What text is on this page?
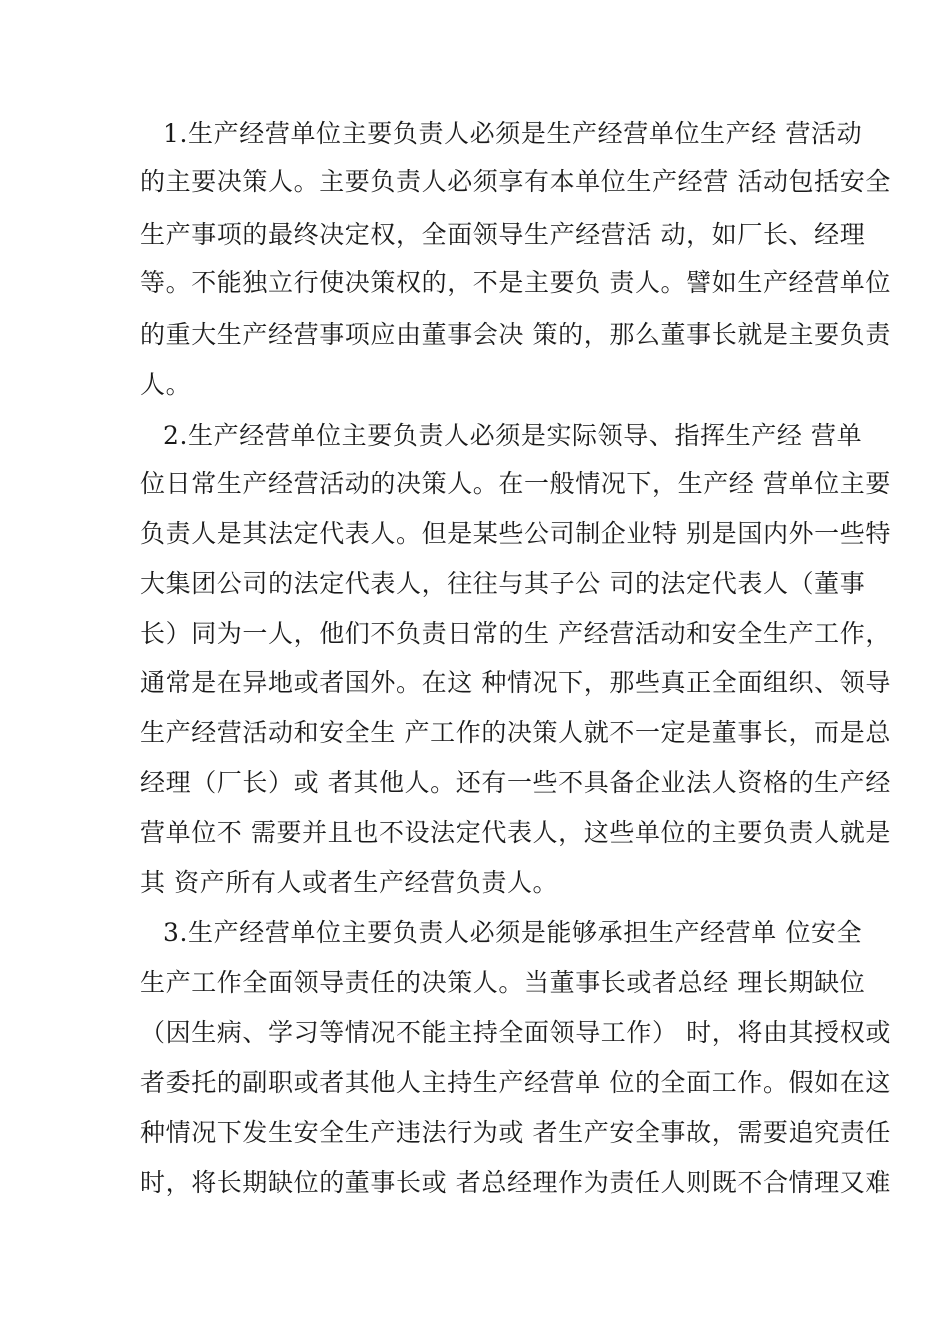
1.生产经营单位主要负责人必须是生产经营单位生产经 营活动
的主要决策人。主要负责人必须享有本单位生产经营 活动包括安全
生产事项的最终决定权，全面领导生产经营活 动，如厂长、经理
等。不能独立行使决策权的，不是主要负 责人。譬如生产经营单位
的重大生产经营事项应由董事会决 策的，那么董事长就是主要负责
人。
2.生产经营单位主要负责人必须是实际领导、指挥生产经 营单
位日常生产经营活动的决策人。在一般情况下，生产经 营单位主要
负责人是其法定代表人。但是某些公司制企业特 别是国内外一些特
大集团公司的法定代表人，往往与其子公 司的法定代表人（董事
长）同为一人，他们不负责日常的生 产经营活动和安全生产工作，
通常是在异地或者国外。在这 种情况下，那些真正全面组织、领导
生产经营活动和安全生 产工作的决策人就不一定是董事长，而是总
经理（厂长）或 者其他人。还有一些不具备企业法人资格的生产经
营单位不 需要并且也不设法定代表人，这些单位的主要负责人就是
其 资产所有人或者生产经营负责人。
3.生产经营单位主要负责人必须是能够承担生产经营单 位安全
生产工作全面领导责任的决策人。当董事长或者总经 理长期缺位
（因生病、学习等情况不能主持全面领导工作） 时，将由其授权或
者委托的副职或者其他人主持生产经营单 位的全面工作。假如在这
种情况下发生安全生产违法行为或 者生产安全事故，需要追究责任
时，将长期缺位的董事长或 者总经理作为责任人则既不合情理又难
